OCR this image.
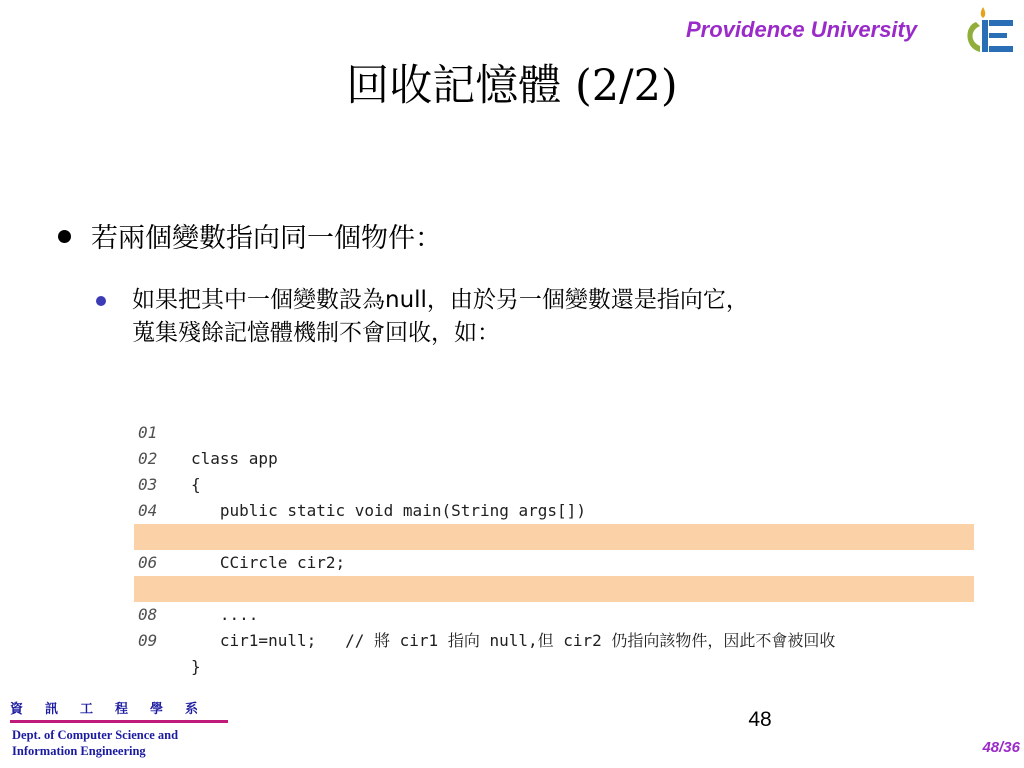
Providence University
回收記憶體 (2/2)
若兩個變數指向同一個物件：
如果把其中一個變數設為null，由於另一個變數還是指向它，
蒐集殘餘記憶體機制不會回收，如：

01

class app

02

{

03

public static void main(String args[])

04

CCircle cir2;

06

....

08

cir1=null;   // 將 cir1 指向 null,但 cir2 仍指向該物件，因此不會被回收

09

}

資訊工程學系
Dept. of Computer Science and
Information Engineering
48
48/36
